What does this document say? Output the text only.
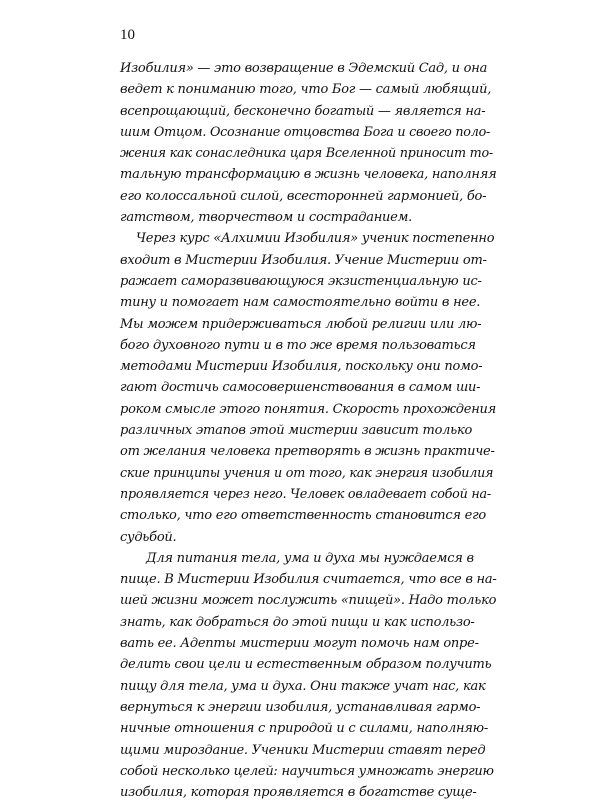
10
Изобилия» — это возвращение в Эдемский Сад, и она
ведет к пониманию того, что Бог — самый любящий,
всепрощающий, бесконечно богатый — является на-
шим Отцом. Осознание отцовства Бога и своего поло-
жения как сонаследника царя Вселенной приносит то-
тальную трансформацию в жизнь человека, наполняя
его колоссальной силой, всесторонней гармонией, бо-
гатством, творчеством и состраданием.
Через курс «Алхимии Изобилия» ученик постепенно
входит в Мистерии Изобилия. Учение Мистерии от-
ражает саморазвивающуюся экзистенциальную ис-
тину и помогает нам самостоятельно войти в нее.
Мы можем придерживаться любой религии или лю-
бого духовного пути и в то же время пользоваться
методами Мистерии Изобилия, поскольку они помо-
гают достичь самосовершенствования в самом ши-
роком смысле этого понятия. Скорость прохождения
различных этапов этой мистерии зависит только
от желания человека претворять в жизнь практиче-
ские принципы учения и от того, как энергия изобилия
проявляется через него. Человек овладевает собой на-
столько, что его ответственность становится его
судьбой.
Для питания тела, ума и духа мы нуждаемся в
пище. В Мистерии Изобилия считается, что все в на-
шей жизни может послужить «пищей». Надо только
знать, как добраться до этой пищи и как использо-
вать ее. Адепты мистерии могут помочь нам опре-
делить свои цели и естественным образом получить
пищу для тела, ума и духа. Они также учат нас, как
вернуться к энергии изобилия, устанавливая гармо-
ничные отношения с природой и с силами, наполняю-
щими мироздание. Ученики Мистерии ставят перед
собой несколько целей: научиться умножать энергию
изобилия, которая проявляется в богатстве суще-
